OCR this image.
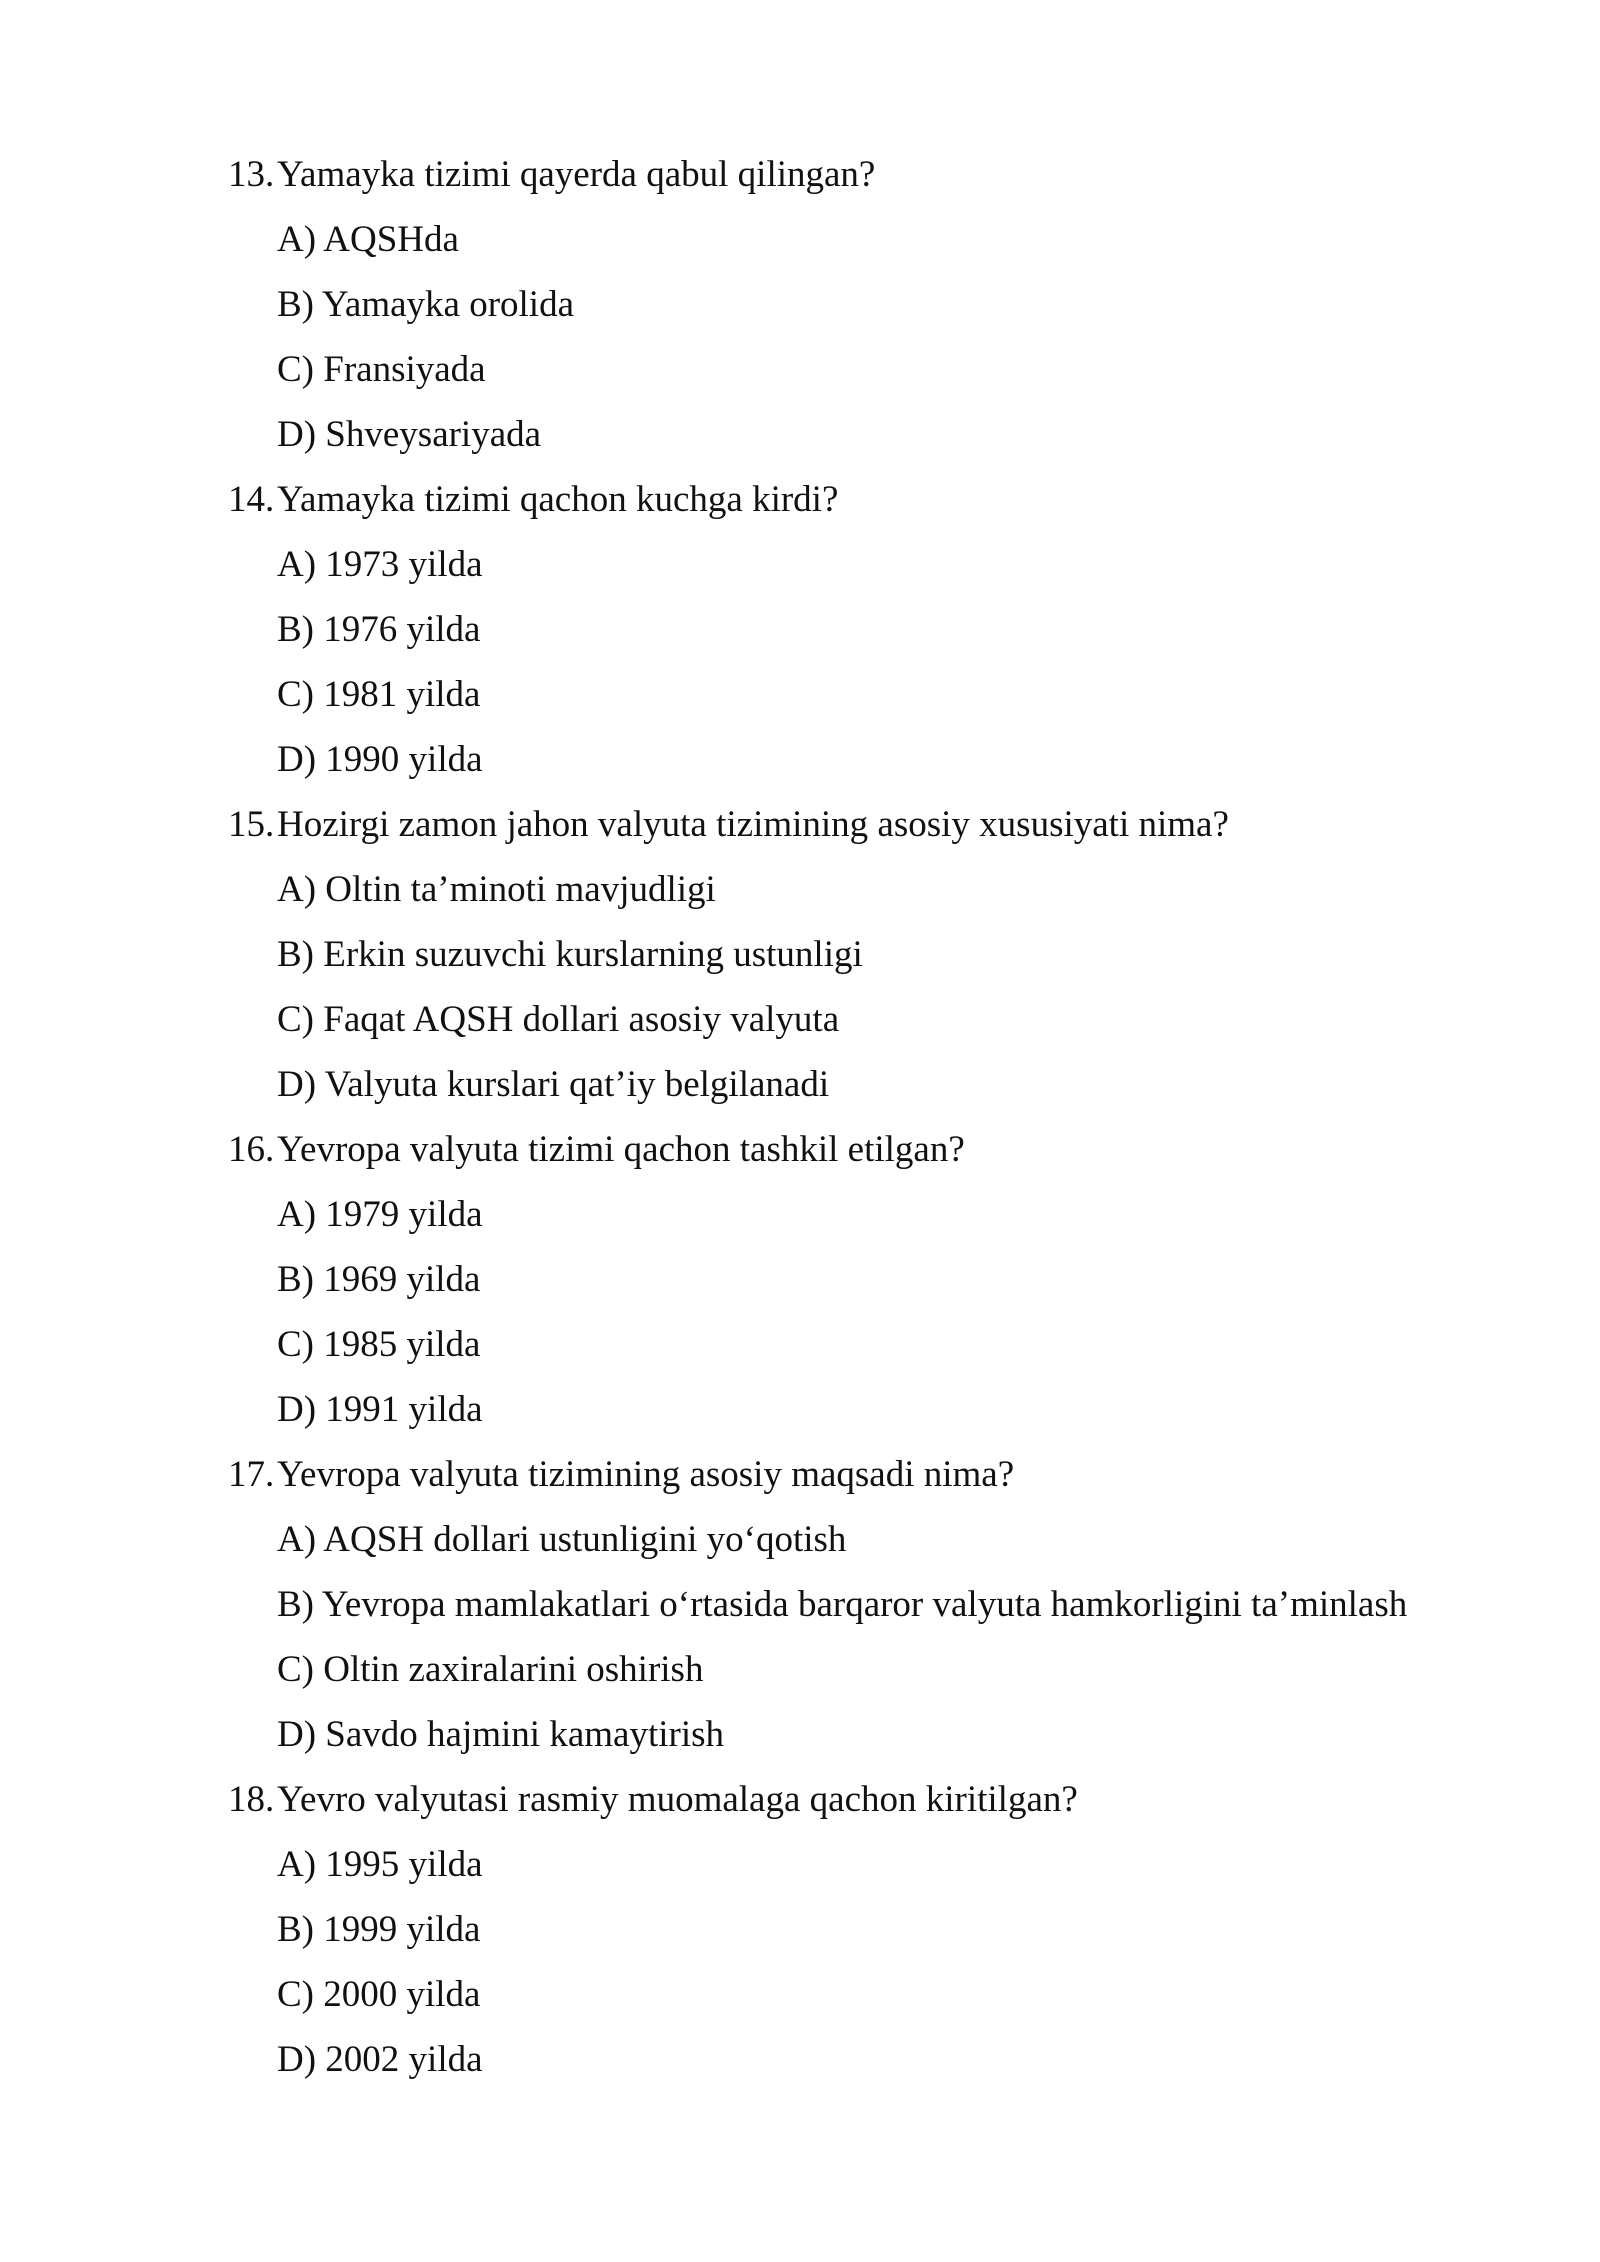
13. Yamayka tizimi qayerda qabul qilingan?
A) AQSHda
B) Yamayka orolida
C) Fransiyada
D) Shveysariyada
14. Yamayka tizimi qachon kuchga kirdi?
A) 1973 yilda
B) 1976 yilda
C) 1981 yilda
D) 1990 yilda
15. Hozirgi zamon jahon valyuta tizimining asosiy xususiyati nima?
A) Oltin ta’minoti mavjudligi
B) Erkin suzuvchi kurslarning ustunligi
C) Faqat AQSH dollari asosiy valyuta
D) Valyuta kurslari qat’iy belgilanadi
16. Yevropa valyuta tizimi qachon tashkil etilgan?
A) 1979 yilda
B) 1969 yilda
C) 1985 yilda
D) 1991 yilda
17. Yevropa valyuta tizimining asosiy maqsadi nima?
A) AQSH dollari ustunligini yo‘qotish
B) Yevropa mamlakatlari o‘rtasida barqaror valyuta hamkorligini ta’minlash
C) Oltin zaxiralarini oshirish
D) Savdo hajmini kamaytirish
18. Yevro valyutasi rasmiy muomalaga qachon kiritilgan?
A) 1995 yilda
B) 1999 yilda
C) 2000 yilda
D) 2002 yilda
